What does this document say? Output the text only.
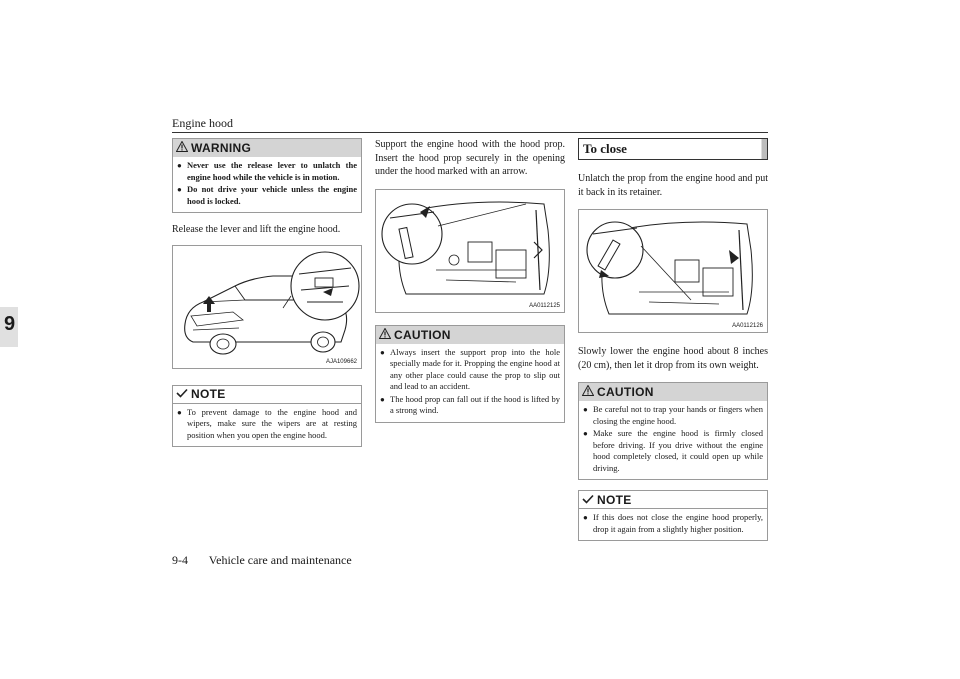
Engine hood
9
WARNING
● Never use the release lever to unlatch the engine hood while the vehicle is in motion.
● Do not drive your vehicle unless the engine hood is locked.
Release the lever and lift the engine hood.
AJA109662
NOTE
● To prevent damage to the engine hood and wipers, make sure the wipers are at resting position when you open the engine hood.
Support the engine hood with the hood prop. Insert the hood prop securely in the opening under the hood marked with an arrow.
AA0112125
CAUTION
● Always insert the support prop into the hole specially made for it. Propping the engine hood at any other place could cause the prop to slip out and lead to an accident.
● The hood prop can fall out if the hood is lifted by a strong wind.
To close
Unlatch the prop from the engine hood and put it back in its retainer.
AA0112126
Slowly lower the engine hood about 8 inches (20 cm), then let it drop from its own weight.
CAUTION
● Be careful not to trap your hands or fingers when closing the engine hood.
● Make sure the engine hood is firmly closed before driving. If you drive without the engine hood completely closed, it could open up while driving.
NOTE
● If this does not close the engine hood properly, drop it again from a slightly higher position.
9-4 Vehicle care and maintenance
